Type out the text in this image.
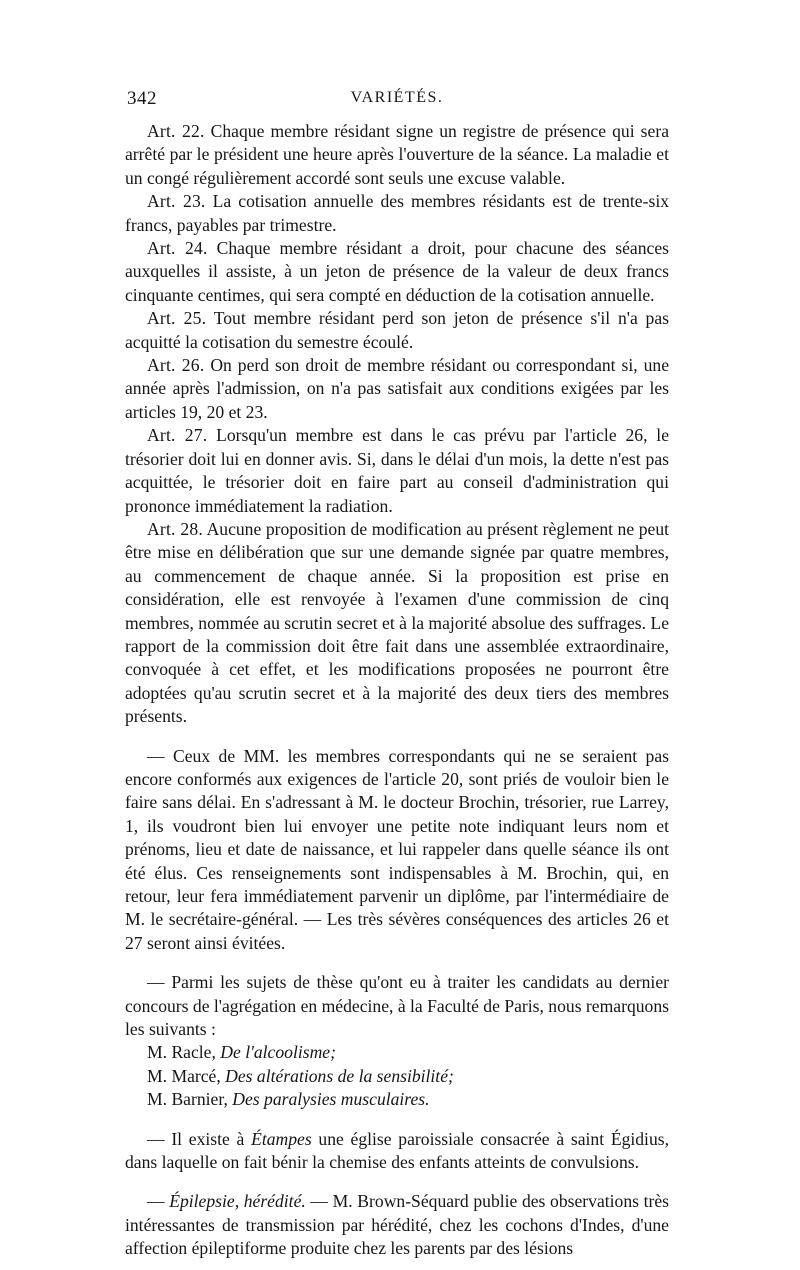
342	VARIÉTÉS.

Art. 22. Chaque membre résidant signe un registre de présence qui sera arrêté par le président une heure après l'ouverture de la séance. La maladie et un congé régulièrement accordé sont seuls une excuse valable.

Art. 23. La cotisation annuelle des membres résidants est de trente-six francs, payables par trimestre.

Art. 24. Chaque membre résidant a droit, pour chacune des séances auxquelles il assiste, à un jeton de présence de la valeur de deux francs cinquante centimes, qui sera compté en déduction de la cotisation annuelle.

Art. 25. Tout membre résidant perd son jeton de présence s'il n'a pas acquitté la cotisation du semestre écoulé.

Art. 26. On perd son droit de membre résidant ou correspondant si, une année après l'admission, on n'a pas satisfait aux conditions exigées par les articles 19, 20 et 23.

Art. 27. Lorsqu'un membre est dans le cas prévu par l'article 26, le trésorier doit lui en donner avis. Si, dans le délai d'un mois, la dette n'est pas acquittée, le trésorier doit en faire part au conseil d'administration qui prononce immédiatement la radiation.

Art. 28. Aucune proposition de modification au présent règlement ne peut être mise en délibération que sur une demande signée par quatre membres, au commencement de chaque année. Si la proposition est prise en considération, elle est renvoyée à l'examen d'une commission de cinq membres, nommée au scrutin secret et à la majorité absolue des suffrages. Le rapport de la commission doit être fait dans une assemblée extraordinaire, convoquée à cet effet, et les modifications proposées ne pourront être adoptées qu'au scrutin secret et à la majorité des deux tiers des membres présents.

— Ceux de MM. les membres correspondants qui ne se seraient pas encore conformés aux exigences de l'article 20, sont priés de vouloir bien le faire sans délai. En s'adressant à M. le docteur Brochin, trésorier, rue Larrey, 1, ils voudront bien lui envoyer une petite note indiquant leurs nom et prénoms, lieu et date de naissance, et lui rappeler dans quelle séance ils ont été élus. Ces renseignements sont indispensables à M. Brochin, qui, en retour, leur fera immédiatement parvenir un diplôme, par l'intermédiaire de M. le secrétaire-général. — Les très sévères conséquences des articles 26 et 27 seront ainsi évitées.

— Parmi les sujets de thèse qu'ont eu à traiter les candidats au dernier concours de l'agrégation en médecine, à la Faculté de Paris, nous remarquons les suivants :

M. Racle, De l'alcoolisme;

M. Marcé, Des altérations de la sensibilité;

M. Barnier, Des paralysies musculaires.

— Il existe à Étampes une église paroissiale consacrée à saint Égidius, dans laquelle on fait bénir la chemise des enfants atteints de convulsions.

— Épilepsie, hérédité. — M. Brown-Séquard publie des observations très intéressantes de transmission par hérédité, chez les cochons d'Indes, d'une affection épileptiforme produite chez les parents par des lésions
